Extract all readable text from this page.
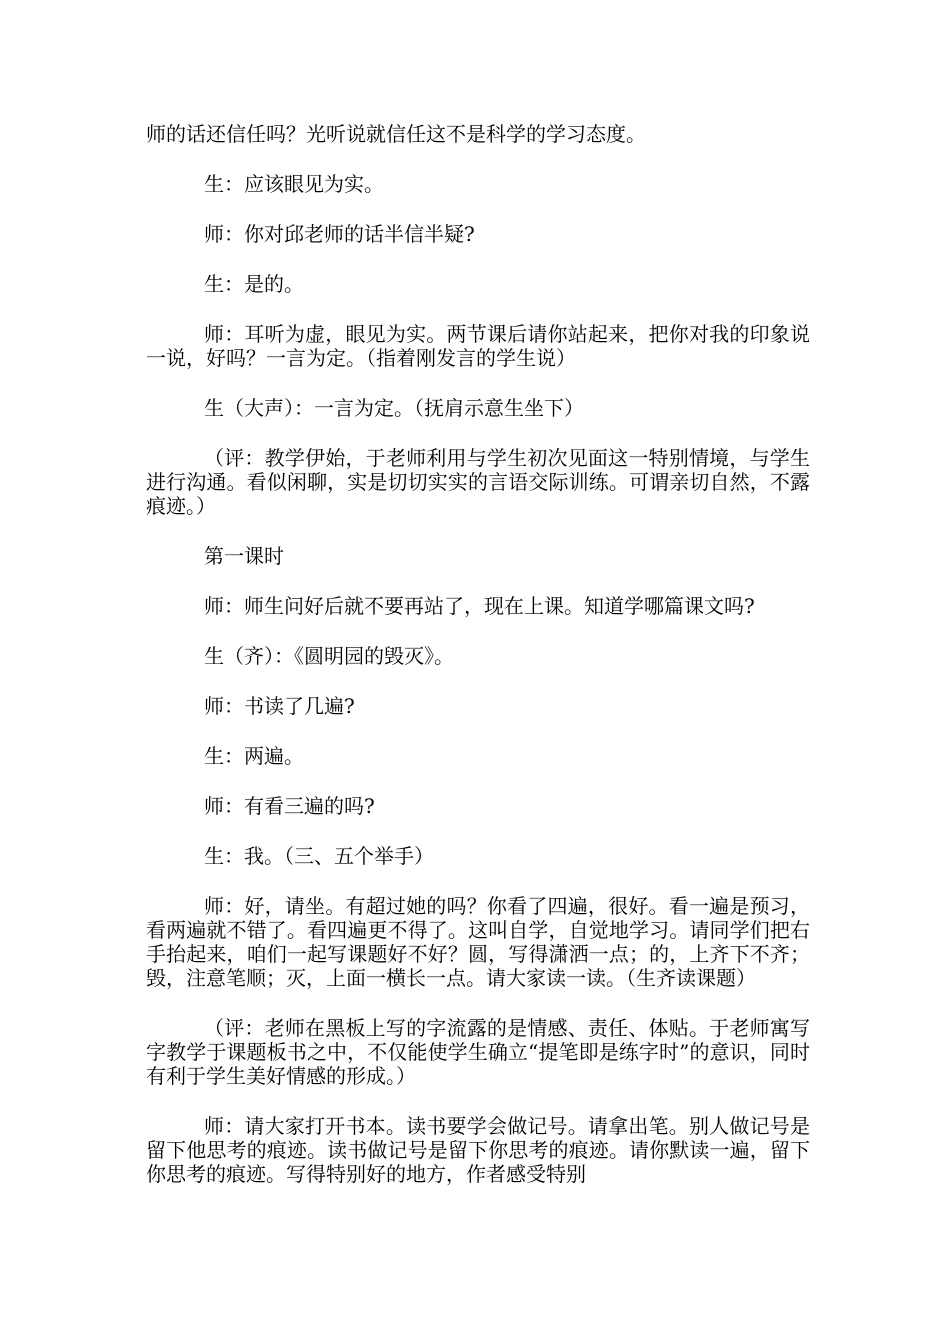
师的话还信任吗？光听说就信任这不是科学的学习态度。

生：应该眼见为实。

师：你对邱老师的话半信半疑?

生：是的。

师：耳听为虚，眼见为实。两节课后请你站起来，把你对我的印象说一说，好吗？一言为定。（指着刚发言的学生说）

生（大声）：一言为定。（抚肩示意生坐下）

（评：教学伊始，于老师利用与学生初次见面这一特别情境，与学生进行沟通。看似闲聊，实是切切实实的言语交际训练。可谓亲切自然，不露痕迹。）

第一课时

师：师生问好后就不要再站了，现在上课。知道学哪篇课文吗?

生（齐）：《圆明园的毁灭》。

师：书读了几遍?

生：两遍。

师：有看三遍的吗?

生：我。（三、五个举手）

师：好，请坐。有超过她的吗？你看了四遍，很好。看一遍是预习，看两遍就不错了。看四遍更不得了。这叫自学，自觉地学习。请同学们把右手抬起来，咱们一起写课题好不好？圆，写得潇洒一点；的，上齐下不齐；毁，注意笔顺；灭，上面一横长一点。请大家读一读。（生齐读课题）

（评：老师在黑板上写的字流露的是情感、责任、体贴。于老师寓写字教学于课题板书之中，不仅能使学生确立“提笔即是练字时”的意识，同时有利于学生美好情感的形成。）

师：请大家打开书本。读书要学会做记号。请拿出笔。别人做记号是留下他思考的痕迹。读书做记号是留下你思考的痕迹。请你默读一遍，留下你思考的痕迹。写得特别好的地方，作者感受特别
